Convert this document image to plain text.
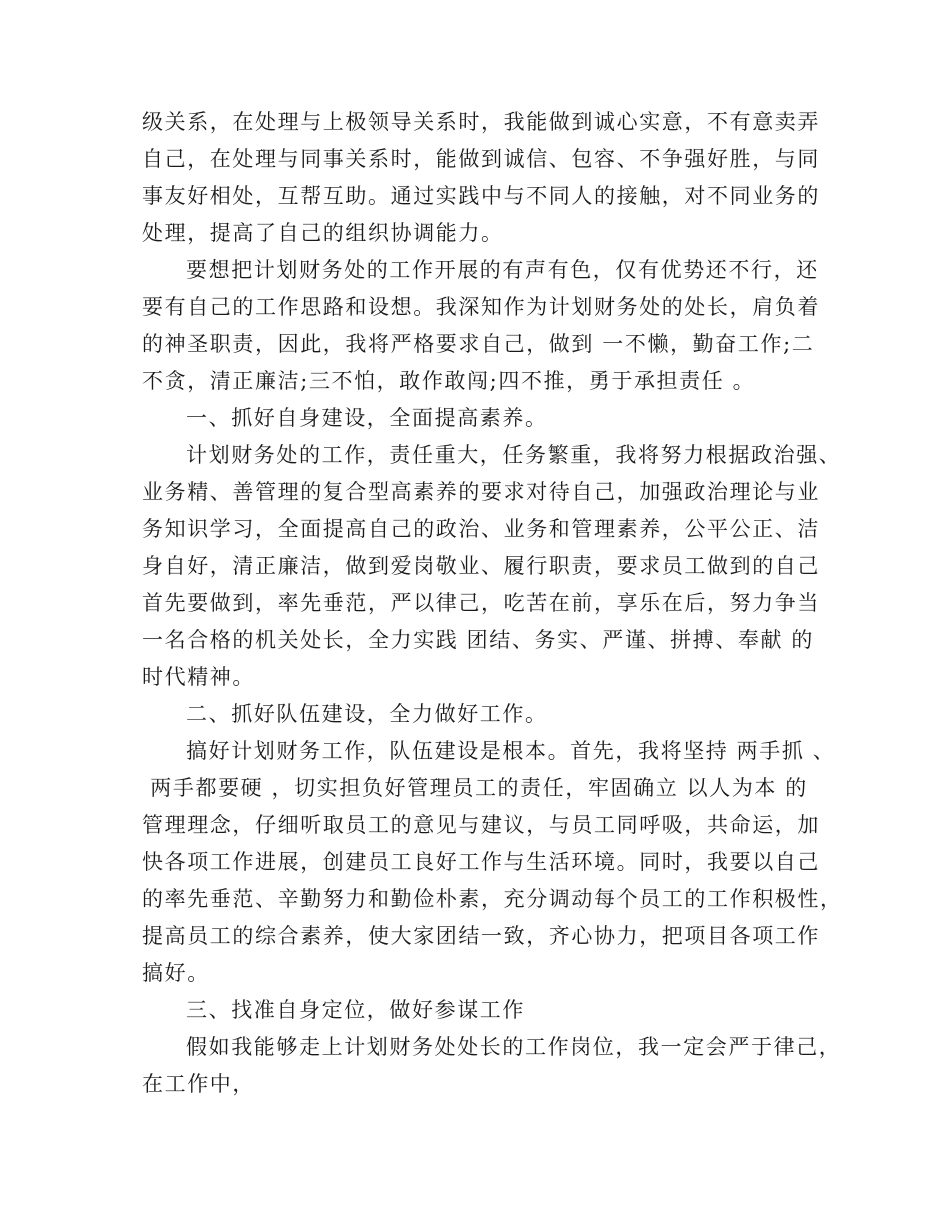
级关系，在处理与上极领导关系时，我能做到诚心实意，不有意卖弄
自己，在处理与同事关系时，能做到诚信、包容、不争强好胜，与同
事友好相处，互帮互助。通过实践中与不同人的接触，对不同业务的
处理，提高了自己的组织协调能力。
要想把计划财务处的工作开展的有声有色，仅有优势还不行，还
要有自己的工作思路和设想。我深知作为计划财务处的处长，肩负着
的神圣职责，因此，我将严格要求自己，做到 一不懒，勤奋工作;二
不贪，清正廉洁;三不怕，敢作敢闯;四不推，勇于承担责任 。
一、抓好自身建设，全面提高素养。
计划财务处的工作，责任重大，任务繁重，我将努力根据政治强、
业务精、善管理的复合型高素养的要求对待自己，加强政治理论与业
务知识学习，全面提高自己的政治、业务和管理素养，公平公正、洁
身自好，清正廉洁，做到爱岗敬业、履行职责，要求员工做到的自己
首先要做到，率先垂范，严以律己，吃苦在前，享乐在后，努力争当
一名合格的机关处长，全力实践 团结、务实、严谨、拼搏、奉献 的
时代精神。
二、抓好队伍建设，全力做好工作。
搞好计划财务工作，队伍建设是根本。首先，我将坚持 两手抓 、
两手都要硬 ，切实担负好管理员工的责任，牢固确立 以人为本 的
管理理念，仔细听取员工的意见与建议，与员工同呼吸，共命运，加
快各项工作进展，创建员工良好工作与生活环境。同时，我要以自己
的率先垂范、辛勤努力和勤俭朴素，充分调动每个员工的工作积极性，
提高员工的综合素养，使大家团结一致，齐心协力，把项目各项工作
搞好。
三、找准自身定位，做好参谋工作
假如我能够走上计划财务处处长的工作岗位，我一定会严于律己，
在工作中，
